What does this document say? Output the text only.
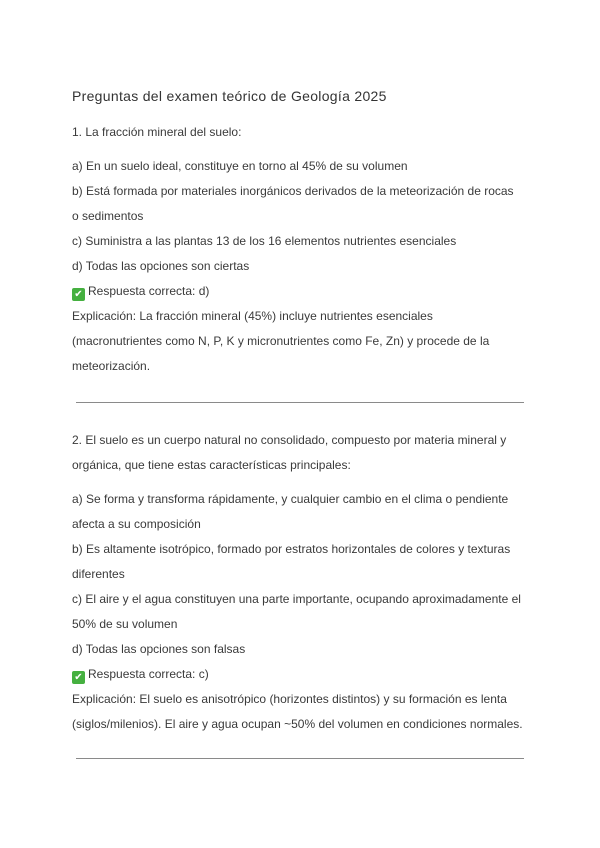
Preguntas del examen teórico de Geología 2025
1. La fracción mineral del suelo:
a) En un suelo ideal, constituye en torno al 45% de su volumen
b) Está formada por materiales inorgánicos derivados de la meteorización de rocas
o sedimentos
c) Suministra a las plantas 13 de los 16 elementos nutrientes esenciales
d) Todas las opciones son ciertas
✔ Respuesta correcta: d)
Explicación: La fracción mineral (45%) incluye nutrientes esenciales
(macronutrientes como N, P, K y micronutrientes como Fe, Zn) y procede de la
meteorización.
2. El suelo es un cuerpo natural no consolidado, compuesto por materia mineral y
orgánica, que tiene estas características principales:
a) Se forma y transforma rápidamente, y cualquier cambio en el clima o pendiente
afecta a su composición
b) Es altamente isotrópico, formado por estratos horizontales de colores y texturas
diferentes
c) El aire y el agua constituyen una parte importante, ocupando aproximadamente el
50% de su volumen
d) Todas las opciones son falsas
✔ Respuesta correcta: c)
Explicación: El suelo es anisotrópico (horizontes distintos) y su formación es lenta
(siglos/milenios). El aire y agua ocupan ~50% del volumen en condiciones normales.
